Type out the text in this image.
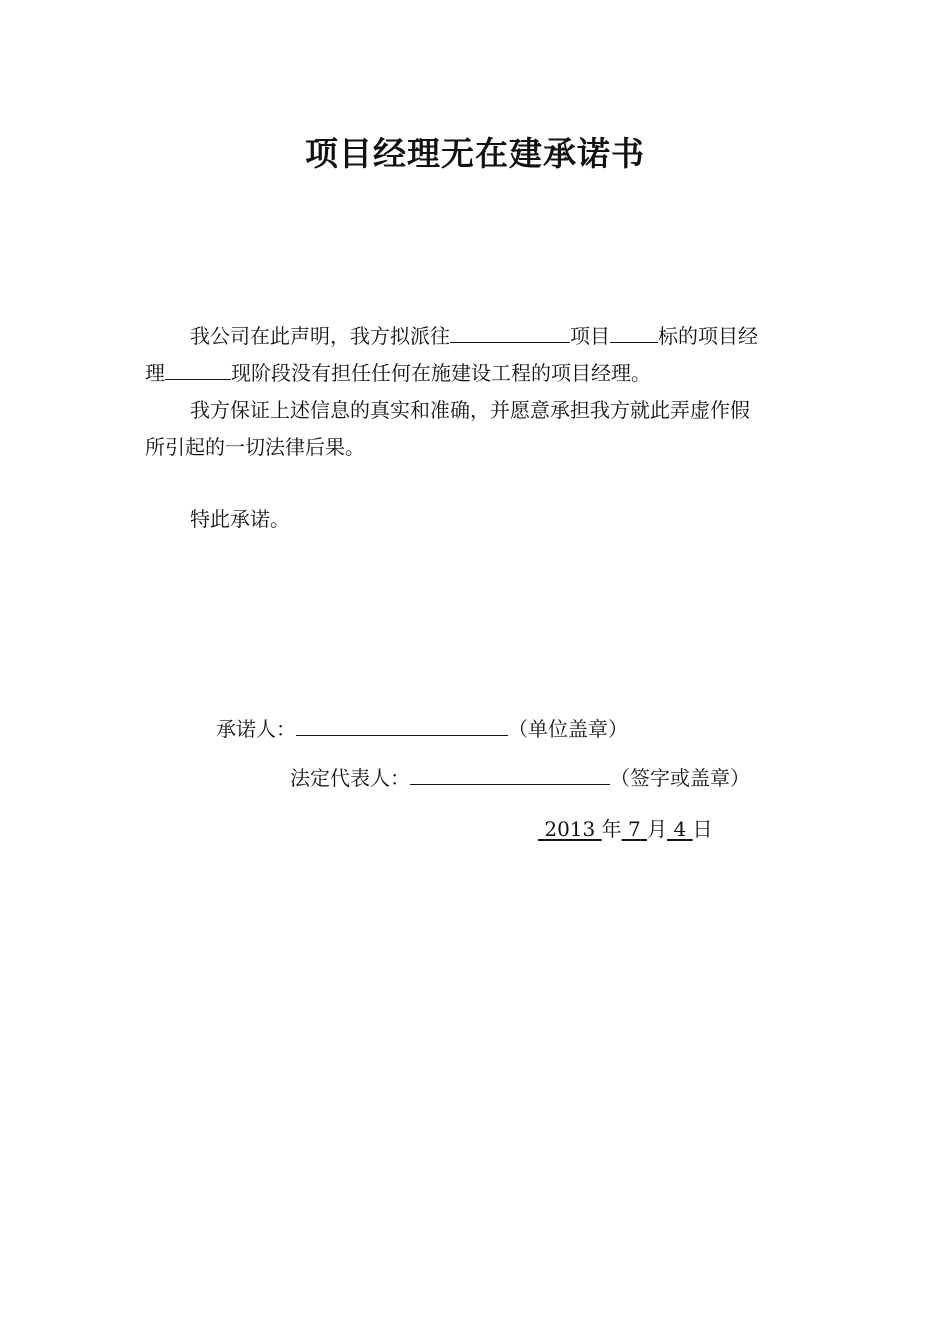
项目经理无在建承诺书
我公司在此声明，我方拟派往	项目 标的项目经
理	现阶段没有担任任何在施建设工程的项目经理。
我方保证上述信息的真实和准确，并愿意承担我方就此弄虚作假
所引起的一切法律后果。
特此承诺。
承诺人：	（单位盖章）
法定代表人：	（签字或盖章）
2013 年 7 月 4 日
